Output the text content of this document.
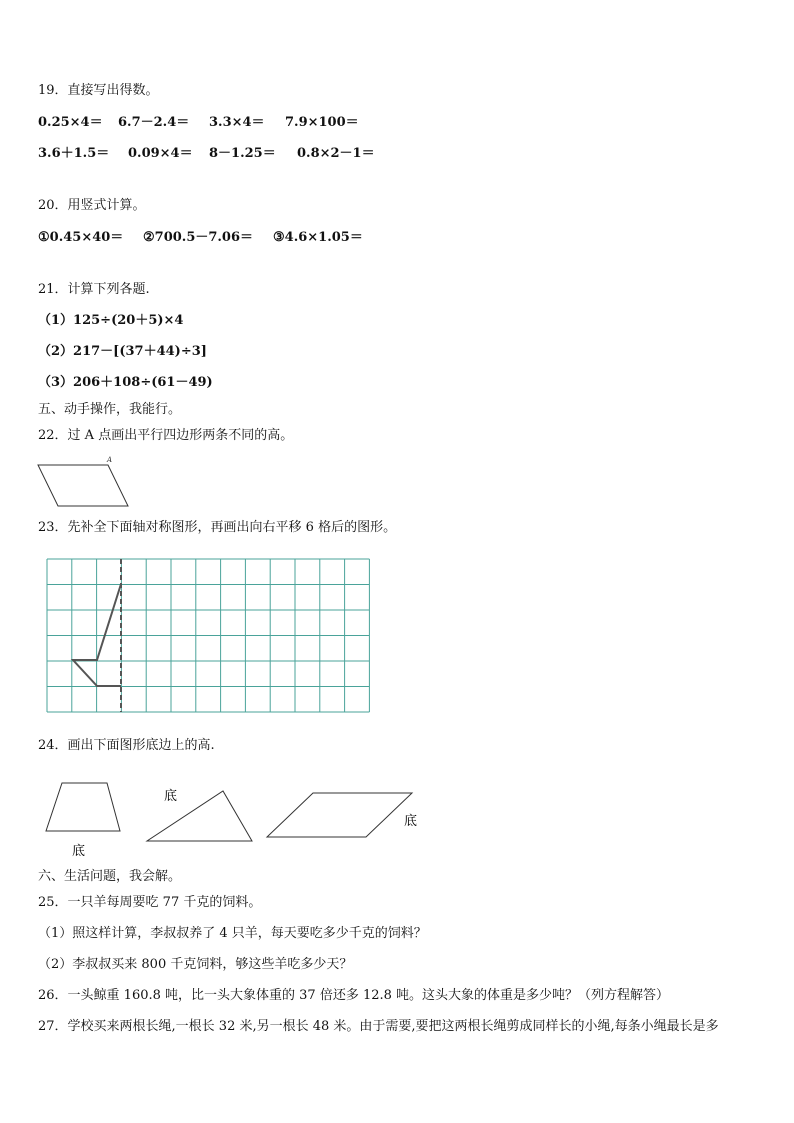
19．直接写出得数。
0.25×4＝ 6.7－2.4＝ 3.3×4＝ 7.9×100＝
3.6＋1.5＝ 0.09×4＝ 8－1.25＝ 0.8×2－1＝
20．用竖式计算。
①0.45×40＝ ②700.5－7.06＝ ③4.6×1.05＝
21．计算下列各题.
（1）125÷(20＋5)×4
（2）217－[(37＋44)÷3]
（3）206＋108÷(61－49)
五、动手操作，我能行。
22．过 A 点画出平行四边形两条不同的高。
A
23．先补全下面轴对称图形，再画出向右平移 6 格后的图形。
24．画出下面图形底边上的高.
底
底
底
六、生活问题，我会解。
25．一只羊每周要吃 77 千克的饲料。
（1）照这样计算，李叔叔养了 4 只羊，每天要吃多少千克的饲料？
（2）李叔叔买来 800 千克饲料，够这些羊吃多少天？
26．一头鲸重 160.8 吨，比一头大象体重的 37 倍还多 12.8 吨。这头大象的体重是多少吨？（列方程解答）
27．学校买来两根长绳,一根长 32 米,另一根长 48 米。由于需要,要把这两根长绳剪成同样长的小绳,每条小绳最长是多
